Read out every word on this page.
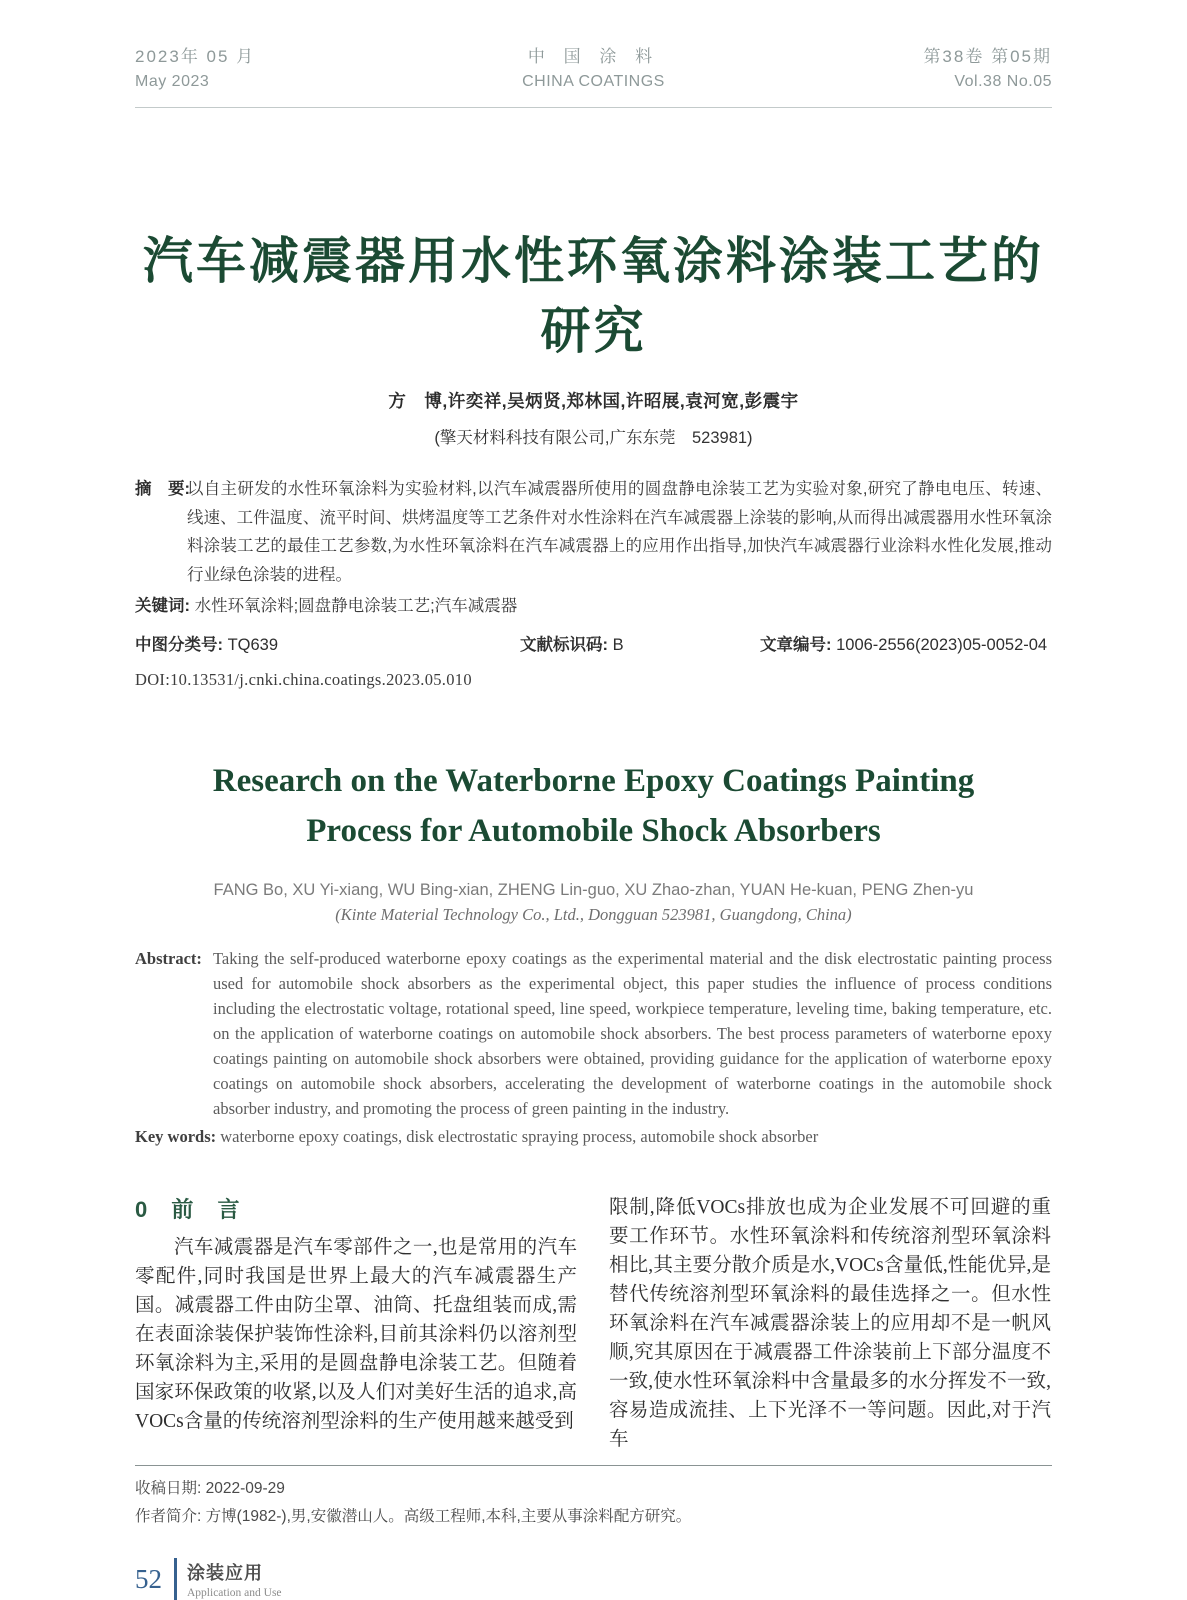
2023年 05 月
May 2023
中 国 涂 料
CHINA COATINGS
第38卷 第05期
Vol.38 No.05
汽车减震器用水性环氧涂料涂装工艺的
研究
方　博,许奕祥,吴炳贤,郑林国,许昭展,袁河宽,彭震宇
(擎天材料科技有限公司,广东东莞　523981)
摘　要:
以自主研发的水性环氧涂料为实验材料,以汽车减震器所使用的圆盘静电涂装工艺为实验对象,研究了静电电压、转速、线速、工件温度、流平时间、烘烤温度等工艺条件对水性涂料在汽车减震器上涂装的影响,从而得出减震器用水性环氧涂料涂装工艺的最佳工艺参数,为水性环氧涂料在汽车减震器上的应用作出指导,加快汽车减震器行业涂料水性化发展,推动行业绿色涂装的进程。
关键词: 水性环氧涂料;圆盘静电涂装工艺;汽车减震器
中图分类号: TQ639	文献标识码: B	文章编号: 1006-2556(2023)05-0052-04
DOI:10.13531/j.cnki.china.coatings.2023.05.010
Research on the Waterborne Epoxy Coatings Painting
Process for Automobile Shock Absorbers
FANG Bo, XU Yi-xiang, WU Bing-xian, ZHENG Lin-guo, XU Zhao-zhan, YUAN He-kuan, PENG Zhen-yu
(Kinte Material Technology Co., Ltd., Dongguan 523981, Guangdong, China)
Abstract: Taking the self-produced waterborne epoxy coatings as the experimental material and the disk electrostatic painting process used for automobile shock absorbers as the experimental object, this paper studies the influence of process conditions including the electrostatic voltage, rotational speed, line speed, workpiece temperature, leveling time, baking temperature, etc. on the application of waterborne coatings on automobile shock absorbers. The best process parameters of waterborne epoxy coatings painting on automobile shock absorbers were obtained, providing guidance for the application of waterborne epoxy coatings on automobile shock absorbers, accelerating the development of waterborne coatings in the automobile shock absorber industry, and promoting the process of green painting in the industry.
Key words: waterborne epoxy coatings, disk electrostatic spraying process, automobile shock absorber
0 前 言
汽车减震器是汽车零部件之一,也是常用的汽车零配件,同时我国是世界上最大的汽车减震器生产国。减震器工件由防尘罩、油筒、托盘组装而成,需在表面涂装保护装饰性涂料,目前其涂料仍以溶剂型环氧涂料为主,采用的是圆盘静电涂装工艺。但随着国家环保政策的收紧,以及人们对美好生活的追求,高VOCs含量的传统溶剂型涂料的生产使用越来越受到
限制,降低VOCs排放也成为企业发展不可回避的重要工作环节。水性环氧涂料和传统溶剂型环氧涂料相比,其主要分散介质是水,VOCs含量低,性能优异,是替代传统溶剂型环氧涂料的最佳选择之一。但水性环氧涂料在汽车减震器涂装上的应用却不是一帆风顺,究其原因在于减震器工件涂装前上下部分温度不一致,使水性环氧涂料中含量最多的水分挥发不一致,容易造成流挂、上下光泽不一等问题。因此,对于汽车
收稿日期: 2022-09-29
作者简介: 方博(1982-),男,安徽潜山人。高级工程师,本科,主要从事涂料配方研究。
52 涂装应用
Application and Use
